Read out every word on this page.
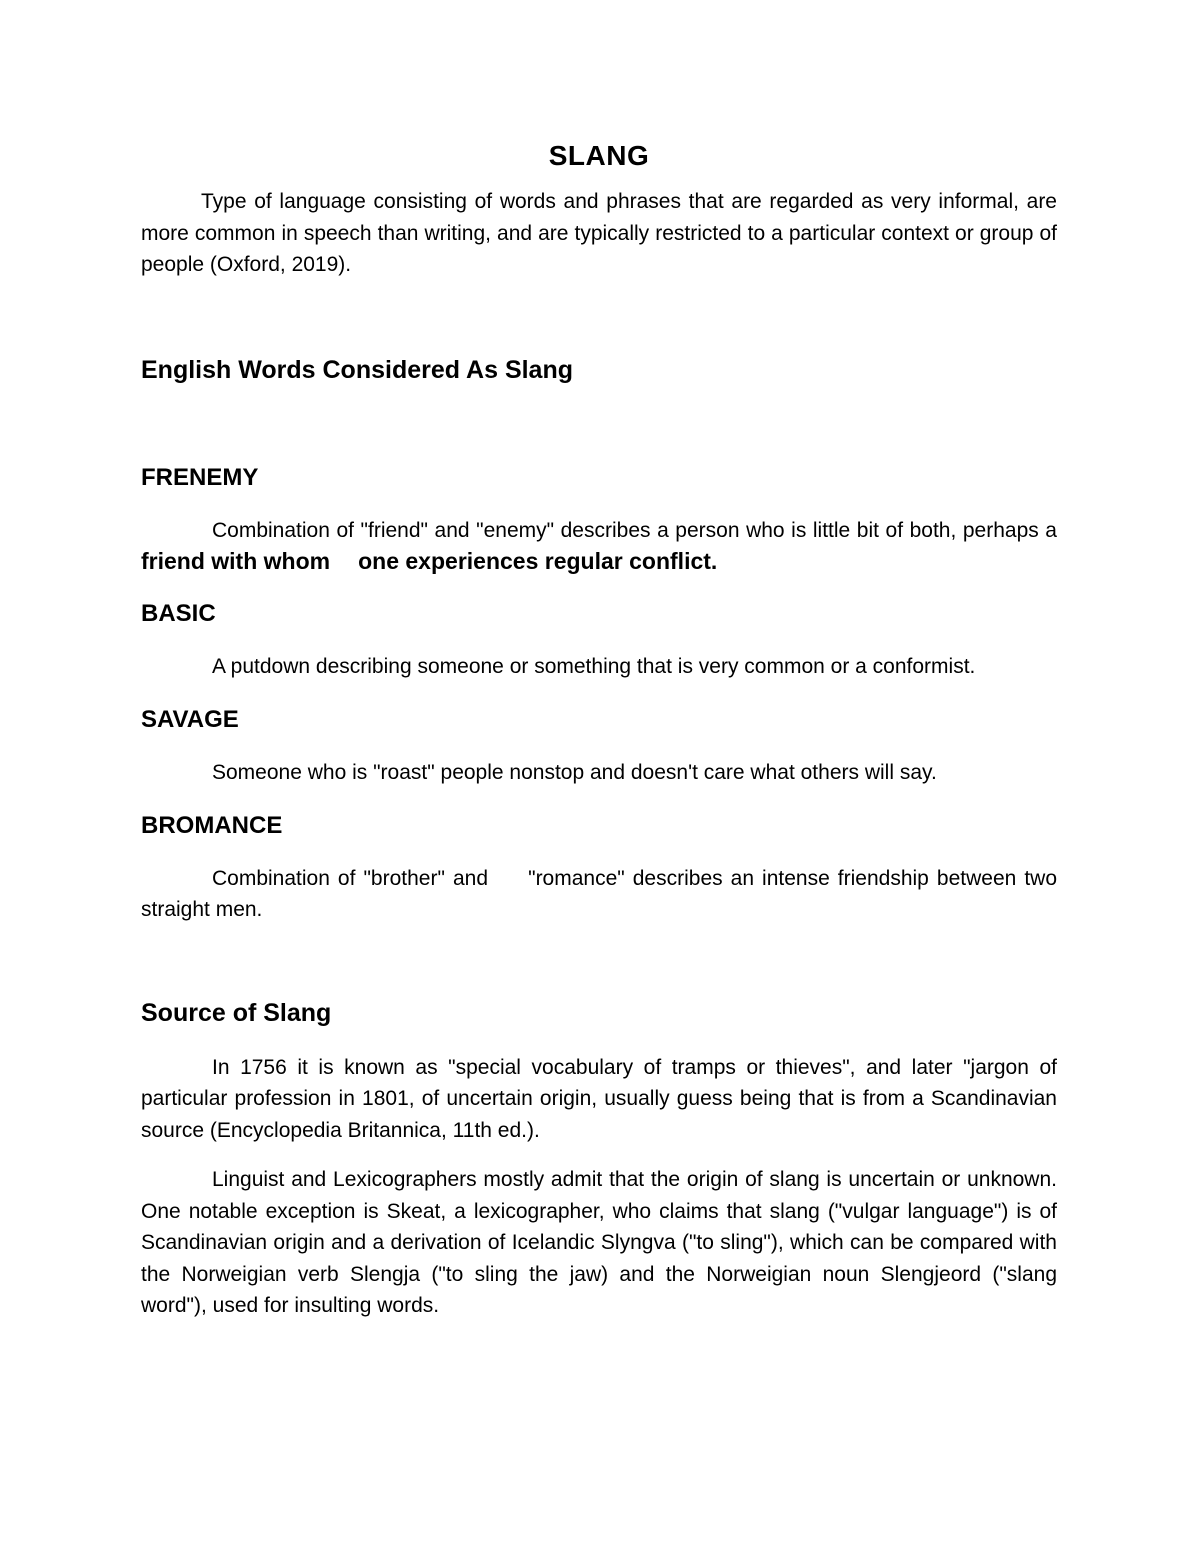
SLANG

Type of language consisting of words and phrases that are regarded as very informal, are more common in speech than writing, and are typically restricted to a particular context or group of people (Oxford, 2019).

English Words Considered As Slang
FRENEMY

Combination of "friend" and "enemy" describes a person who is little bit of both, perhaps a friend with whom one experiences regular conflict.

BASIC

A putdown describing someone or something that is very common or a conformist.

SAVAGE

Someone who is "roast" people nonstop and doesn't care what others will say.

BROMANCE

Combination of "brother" and "romance" describes an intense friendship between two straight men.

Source of Slang

In 1756 it is known as "special vocabulary of tramps or thieves", and later "jargon of particular profession in 1801, of uncertain origin, usually guess being that is from a Scandinavian source (Encyclopedia Britannica, 11th ed.).

Linguist and Lexicographers mostly admit that the origin of slang is uncertain or unknown. One notable exception is Skeat, a lexicographer, who claims that slang ("vulgar language") is of Scandinavian origin and a derivation of Icelandic Slyngva ("to sling"), which can be compared with the Norweigian verb Slengja ("to sling the jaw) and the Norweigian noun Slengjeord ("slang word"), used for insulting words.
